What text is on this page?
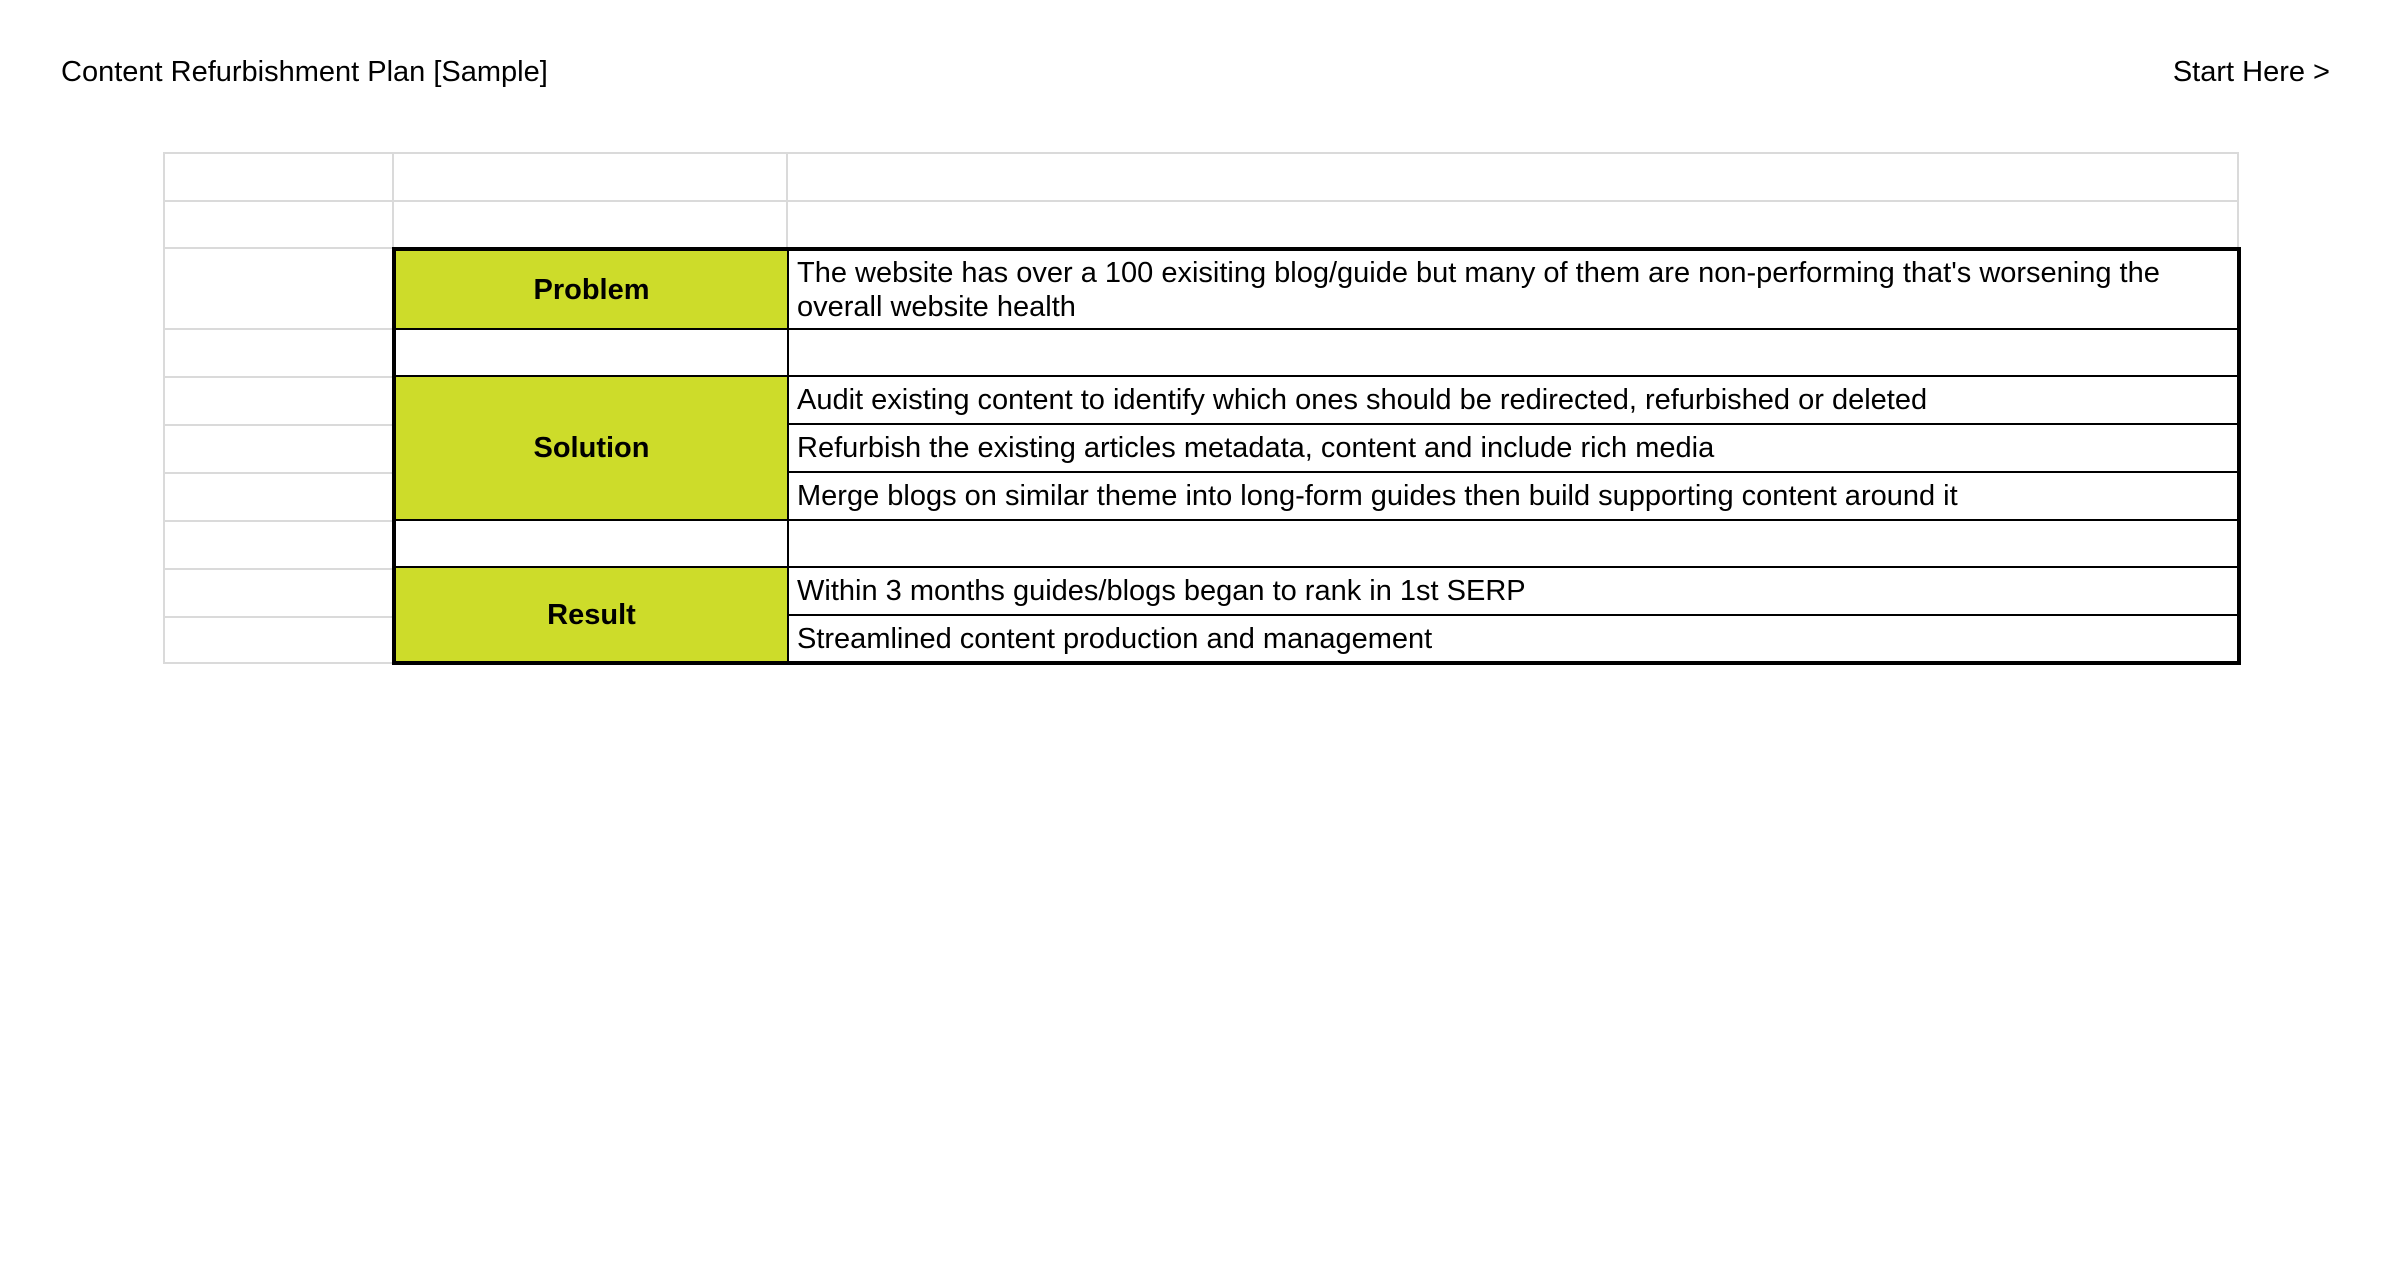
Content Refurbishment Plan [Sample]	Start Here >
Problem	The website has over a 100 exisiting blog/guide but many of them are non-performing that's worsening the overall website health

Solution	Audit existing content to identify which ones should be redirected, refurbished or deleted
	Refurbish the existing articles metadata, content and include rich media
	Merge blogs on similar theme into long-form guides then build supporting content around it

Result	Within 3 months guides/blogs began to rank in 1st SERP
	Streamlined content production and management
